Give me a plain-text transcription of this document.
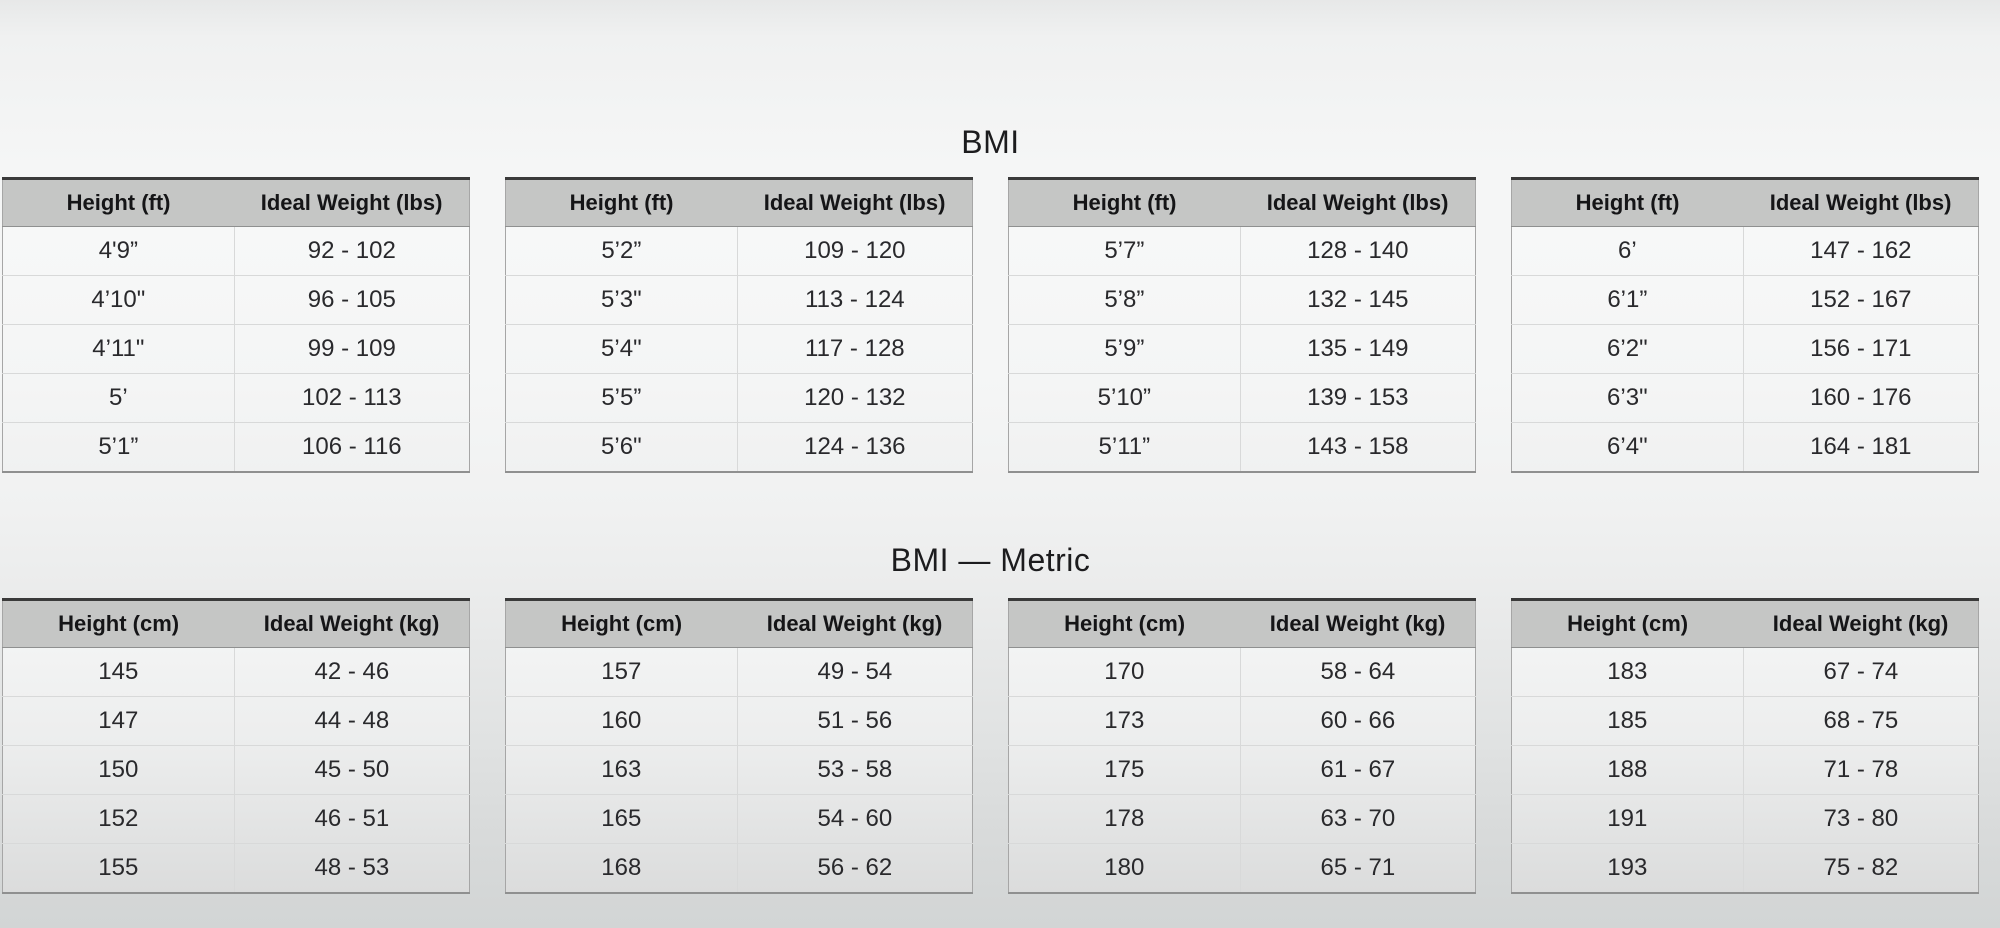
BMI
Height (ft)	Ideal Weight (lbs)
4'9”	92 - 102
4’10"	96 - 105
4’11"	99 - 109
5’	102 - 113
5’1”	106 - 116
Height (ft)	Ideal Weight (lbs)
5’2”	109 - 120
5’3"	113 - 124
5’4"	117 - 128
5’5”	120 - 132
5’6"	124 - 136
Height (ft)	Ideal Weight (lbs)
5’7”	128 - 140
5’8”	132 - 145
5’9”	135 - 149
5’10”	139 - 153
5’11”	143 - 158
Height (ft)	Ideal Weight (lbs)
6’	147 - 162
6’1”	152 - 167
6’2"	156 - 171
6’3"	160 - 176
6’4"	164 - 181
BMI — Metric
Height (cm)	Ideal Weight (kg)
145	42 - 46
147	44 - 48
150	45 - 50
152	46 - 51
155	48 - 53
Height (cm)	Ideal Weight (kg)
157	49 - 54
160	51 - 56
163	53 - 58
165	54 - 60
168	56 - 62
Height (cm)	Ideal Weight (kg)
170	58 - 64
173	60 - 66
175	61 - 67
178	63 - 70
180	65 - 71
Height (cm)	Ideal Weight (kg)
183	67 - 74
185	68 - 75
188	71 - 78
191	73 - 80
193	75 - 82
